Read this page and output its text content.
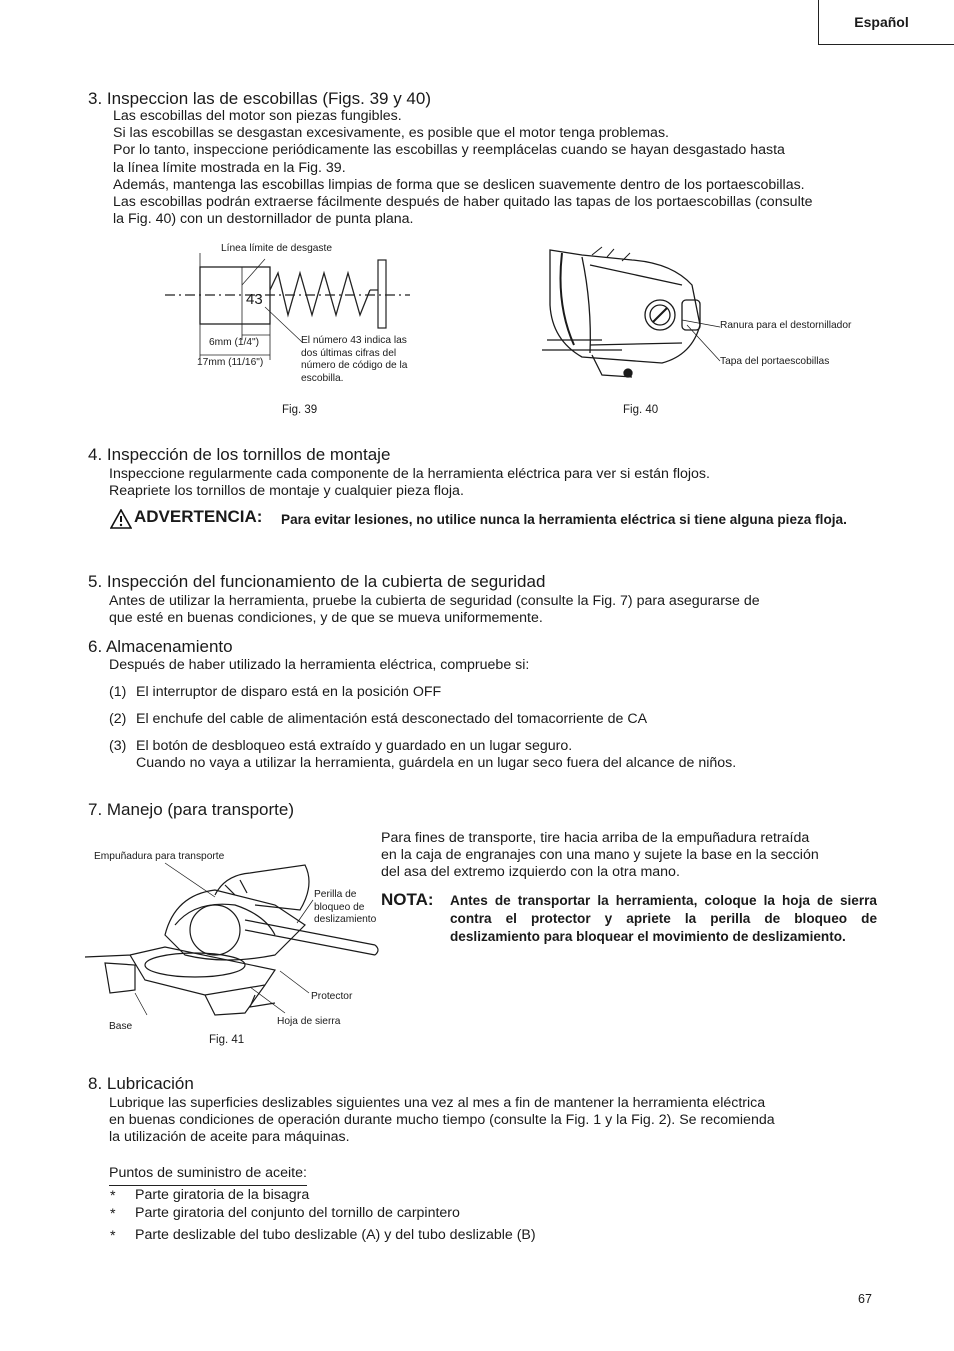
Español
3. Inspeccion las de escobillas (Figs. 39 y 40)
Las escobillas del motor son piezas fungibles.
Si las escobillas se desgastan excesivamente, es posible que el motor tenga problemas.
Por lo tanto, inspeccione periódicamente las escobillas y reemplácelas cuando se hayan desgastado hasta
la línea límite mostrada en la Fig. 39.
Además, mantenga las escobillas limpias de forma que se deslicen suavemente dentro de los portaescobillas.
Las escobillas podrán extraerse fácilmente después de haber quitado las tapas de los portaescobillas (consulte
la Fig. 40) con un destornillador de punta plana.
Línea límite de desgaste
43
6mm (1/4")
17mm (11/16")
El número 43 indica las
dos últimas cifras del
número de código de la
escobilla.
Fig. 39
Ranura para el destornillador
Tapa del portaescobillas
Fig. 40
4. Inspección de los tornillos de montaje
Inspeccione regularmente cada componente de la herramienta eléctrica para ver si están flojos.
Reapriete los tornillos de montaje y cualquier pieza floja.
ADVERTENCIA: Para evitar lesiones, no utilice nunca la herramienta eléctrica si tiene alguna pieza floja.
5. Inspección del funcionamiento de la cubierta de seguridad
Antes de utilizar la herramienta, pruebe la cubierta de seguridad (consulte la Fig. 7) para asegurarse de
que esté en buenas condiciones, y de que se mueva uniformemente.
6. Almacenamiento
Después de haber utilizado la herramienta eléctrica, compruebe si:
(1) El interruptor de disparo está en la posición OFF
(2) El enchufe del cable de alimentación está desconectado del tomacorriente de CA
(3) El botón de desbloqueo está extraído y guardado en un lugar seguro.
Cuando no vaya a utilizar la herramienta, guárdela en un lugar seco fuera del alcance de niños.
7. Manejo (para transporte)
Para fines de transporte, tire hacia arriba de la empuñadura retraída
en la caja de engranajes con una mano y sujete la base en la sección
del asa del extremo izquierdo con la otra mano.
NOTA: Antes de transportar la herramienta, coloque la hoja de sierra contra el protector y apriete la perilla de bloqueo de deslizamiento para bloquear el movimiento de deslizamiento.
Empuñadura para transporte
Perilla de
bloqueo de
deslizamiento
Protector
Base	Hoja de sierra
Fig. 41
8. Lubricación
Lubrique las superficies deslizables siguientes una vez al mes a fin de mantener la herramienta eléctrica
en buenas condiciones de operación durante mucho tiempo (consulte la Fig. 1 y la Fig. 2). Se recomienda
la utilización de aceite para máquinas.
Puntos de suministro de aceite:
* Parte giratoria de la bisagra
* Parte giratoria del conjunto del tornillo de carpintero
* Parte deslizable del tubo deslizable (A) y del tubo deslizable (B)
67
